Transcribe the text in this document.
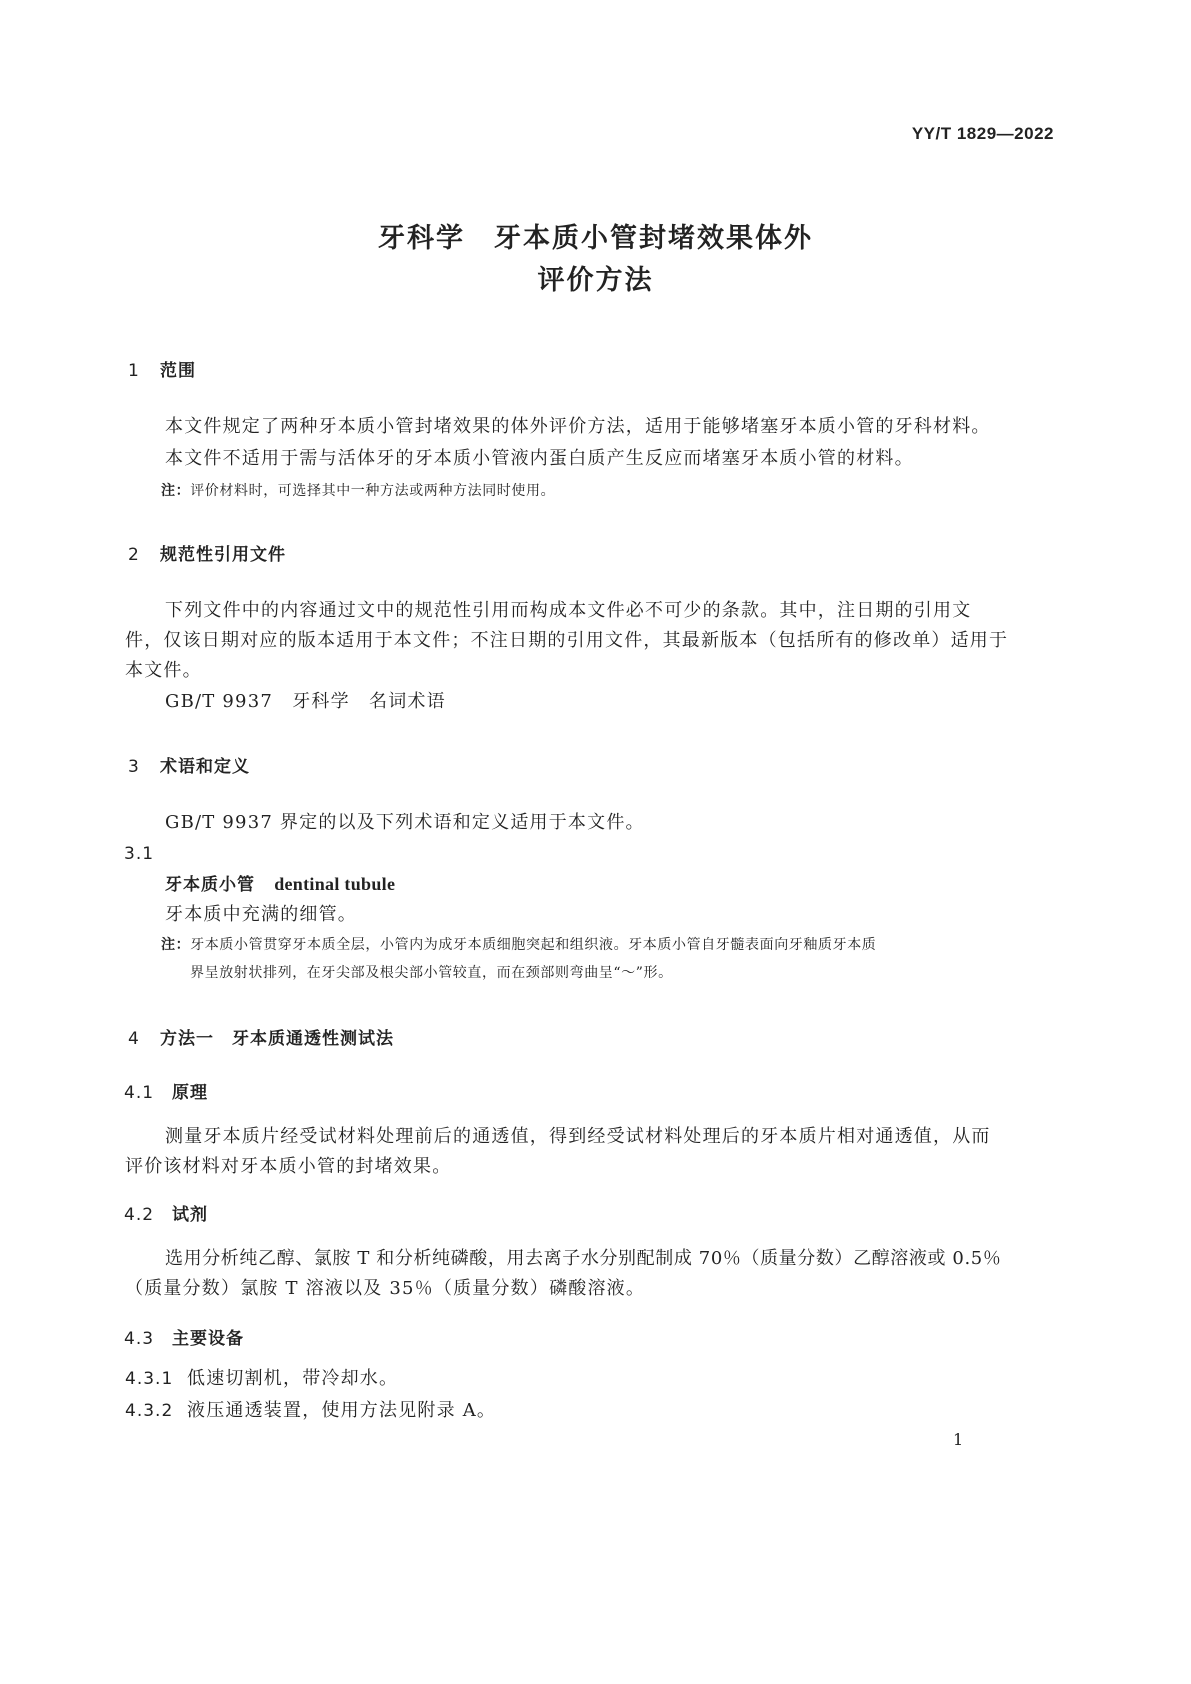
YY/T 1829—2022
牙科学　牙本质小管封堵效果体外
评价方法
1 范围
本文件规定了两种牙本质小管封堵效果的体外评价方法，适用于能够堵塞牙本质小管的牙科材料。
本文件不适用于需与活体牙的牙本质小管液内蛋白质产生反应而堵塞牙本质小管的材料。
注：评价材料时，可选择其中一种方法或两种方法同时使用。
2 规范性引用文件
下列文件中的内容通过文中的规范性引用而构成本文件必不可少的条款。其中，注日期的引用文
件，仅该日期对应的版本适用于本文件；不注日期的引用文件，其最新版本（包括所有的修改单）适用于
本文件。
GB/T 9937　牙科学　名词术语
3 术语和定义
GB/T 9937 界定的以及下列术语和定义适用于本文件。
3.1
牙本质小管　 dentinal tubule
牙本质中充满的细管。
注：牙本质小管贯穿牙本质全层，小管内为成牙本质细胞突起和组织液。牙本质小管自牙髓表面向牙釉质牙本质
界呈放射状排列，在牙尖部及根尖部小管较直，而在颈部则弯曲呈“～”形。
4 方法一　牙本质通透性测试法
4.1 原理
测量牙本质片经受试材料处理前后的通透值，得到经受试材料处理后的牙本质片相对通透值，从而
评价该材料对牙本质小管的封堵效果。
4.2 试剂
选用分析纯乙醇、氯胺 T 和分析纯磷酸，用去离子水分别配制成 70％（质量分数）乙醇溶液或 0.5％
（质量分数）氯胺 T 溶液以及 35％（质量分数）磷酸溶液。
4.3 主要设备
4.3.1 低速切割机，带冷却水。
4.3.2 液压通透装置，使用方法见附录 A。
1
